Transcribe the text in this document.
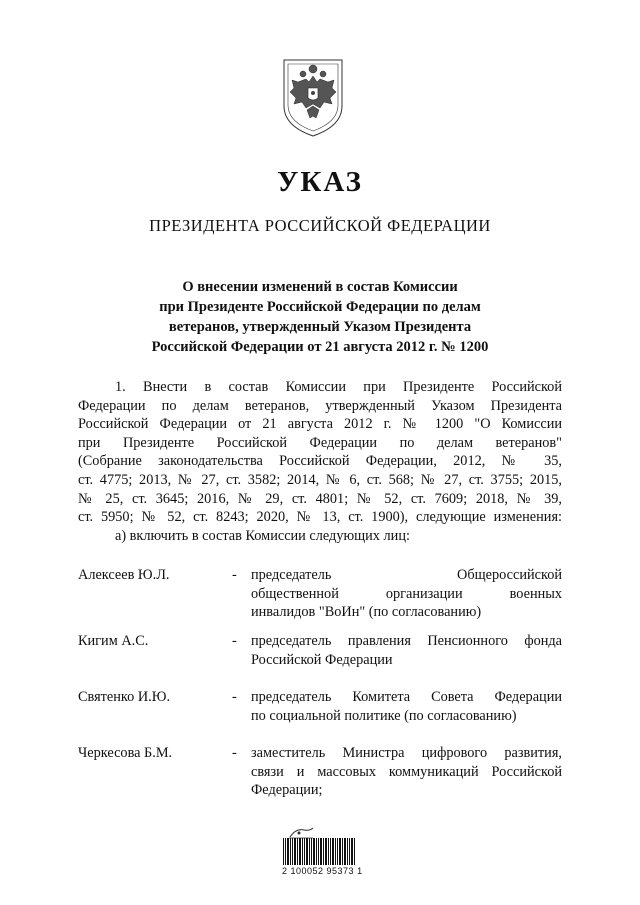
УКАЗ
ПРЕЗИДЕНТА РОССИЙСКОЙ ФЕДЕРАЦИИ
О внесении изменений в состав Комиссии
при Президенте Российской Федерации по делам
ветеранов, утвержденный Указом Президента
Российской Федерации от 21 августа 2012 г. № 1200
1. Внести в состав Комиссии при Президенте Российской
Федерации по делам ветеранов, утвержденный Указом Президента
Российской Федерации от 21 августа 2012 г. № 1200 "О Комиссии
при Президенте Российской Федерации по делам ветеранов"
(Собрание законодательства Российской Федерации, 2012, № 35,
ст. 4775; 2013, № 27, ст. 3582; 2014, № 6, ст. 568; № 27, ст. 3755; 2015,
№ 25, ст. 3645; 2016, № 29, ст. 4801; № 52, ст. 7609; 2018, № 39,
ст. 5950; № 52, ст. 8243; 2020, № 13, ст. 1900), следующие изменения:
а) включить в состав Комиссии следующих лиц:
Алексеев Ю.Л.	- председатель Общероссийской
общественной организации военных
инвалидов "ВоИн" (по согласованию)
Кигим А.С.	- председатель правления Пенсионного фонда
Российской Федерации
Святенко И.Ю.	- председатель Комитета Совета Федерации
по социальной политике (по согласованию)
Черкесова Б.М.	- заместитель Министра цифрового развития,
связи и массовых коммуникаций Российской
Федерации;
2 100052 95373 1
